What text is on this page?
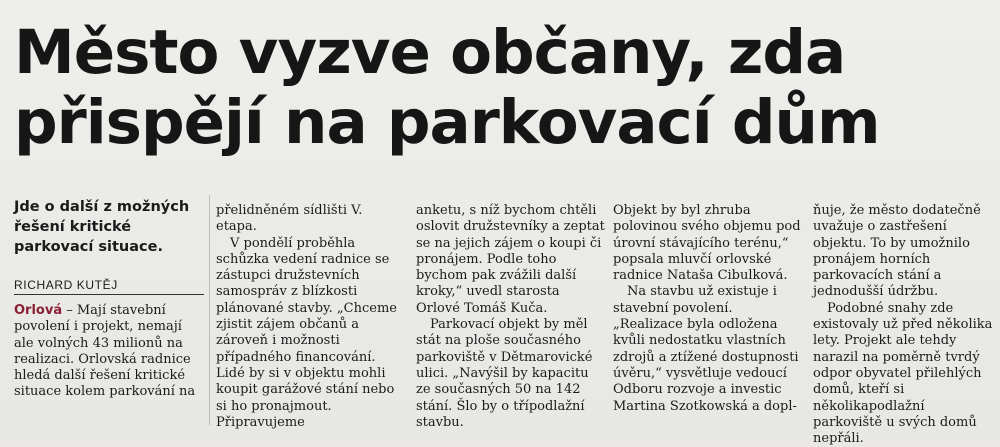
Město vyzve občany, zda přispějí na parkovací dům

Jde o další z možných řešení kritické parkovací situace.

RICHARD KUTĚJ

Orlová – Mají stavební povolení i projekt, nemají ale volných 43 milionů na realizaci. Orlovská radnice hledá další řešení kritické situace kolem parkování na

přelidněném sídlišti V. etapa.

V pondělí proběhla schůzka vedení radnice se zástupci družstevních samospráv z blízkosti plánované stavby. „Chceme zjistit zájem občanů a zároveň i možnosti případného financování. Lidé by si v objektu mohli koupit garážové stání nebo si ho pronajmout. Připravujeme

anketu, s níž bychom chtěli oslovit družstevníky a zeptat se na jejich zájem o koupi či pronájem. Podle toho bychom pak zvážili další kroky,“ uvedl starosta Orlové Tomáš Kuča.

Parkovací objekt by měl stát na ploše současného parkoviště v Dětmarovické ulici. „Navýšil by kapacitu ze současných 50 na 142 stání. Šlo by o třípodlažní stavbu.

Objekt by byl zhruba polovinou svého objemu pod úrovní stávajícího terénu,“ popsala mluvčí orlovské radnice Nataša Cibulková.

Na stavbu už existuje i stavební povolení. „Realizace byla odložena kvůli nedostatku vlastních zdrojů a ztížené dostupnosti úvěru,“ vysvětluje vedoucí Odboru rozvoje a investic Martina Szotkowská a dopl-

ňuje, že město dodatečně uvažuje o zastřešení objektu. To by umožnilo pronájem horních parkovacích stání a jednodušší údržbu.

Podobné snahy zde existovaly už před několika lety. Projekt ale tehdy narazil na poměrně tvrdý odpor obyvatel přilehlých domů, kteří si několikapodlažní parkoviště u svých domů nepřáli.
